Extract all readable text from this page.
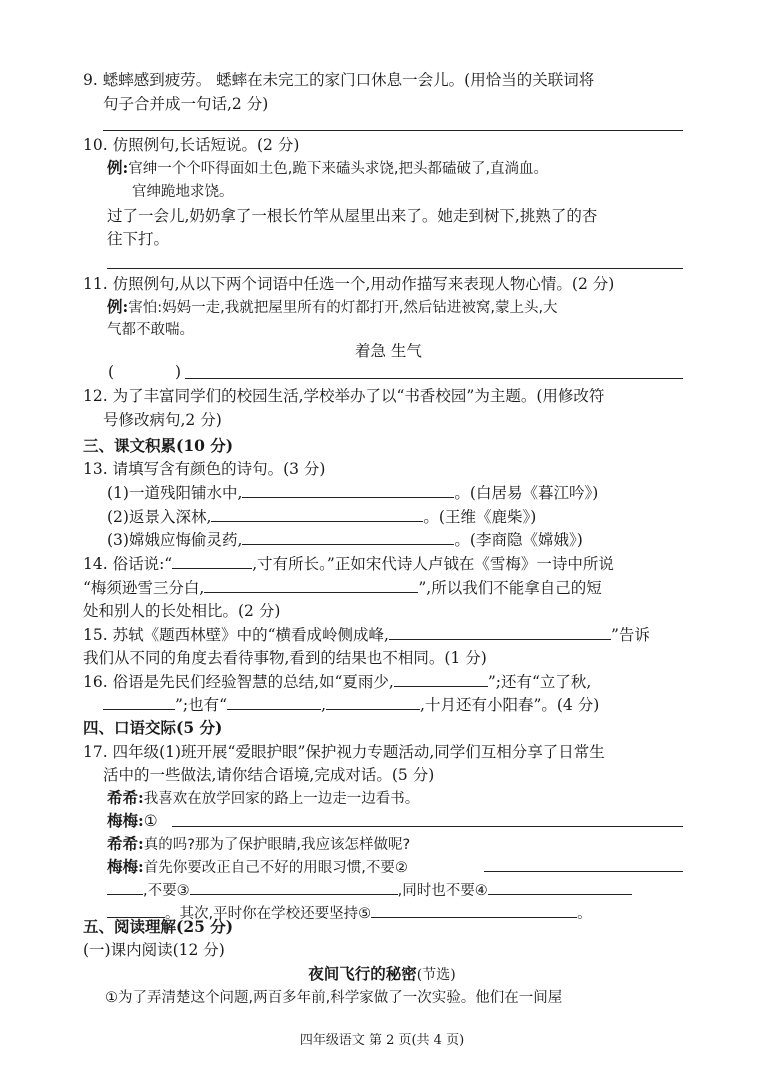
9. 蟋蟀感到疲劳。 蟋蟀在未完工的家门口休息一会儿。(用恰当的关联词将
句子合并成一句话,2 分)
10. 仿照例句,长话短说。(2 分)
例:官绅一个个吓得面如土色,跪下来磕头求饶,把头都磕破了,直淌血。
官绅跪地求饶。
过了一会儿,奶奶拿了一根长竹竿从屋里出来了。她走到树下,挑熟了的杏
往下打。
11. 仿照例句,从以下两个词语中任选一个,用动作描写来表现人物心情。(2 分)
例:害怕:妈妈一走,我就把屋里所有的灯都打开,然后钻进被窝,蒙上头,大
气都不敢喘。
着急 生气
(	)
12. 为了丰富同学们的校园生活,学校举办了以“书香校园”为主题。(用修改符
号修改病句,2 分)
三、课文积累(10 分)
13. 请填写含有颜色的诗句。(3 分)
(1)一道残阳铺水中,	。(白居易《暮江吟》)
(2)返景入深林,	。(王维《鹿柴》)
(3)嫦娥应悔偷灵药,	。(李商隐《嫦娥》)
14. 俗话说:“	,寸有所长。”正如宋代诗人卢钺在《雪梅》一诗中所说
“梅须逊雪三分白,	”,所以我们不能拿自己的短
处和别人的长处相比。(2 分)
15. 苏轼《题西林壁》中的“横看成岭侧成峰,	”告诉
我们从不同的角度去看待事物,看到的结果也不相同。(1 分)
16. 俗语是先民们经验智慧的总结,如“夏雨少,	”;还有“立了秋,
”;也有“	,	,十月还有小阳春”。(4 分)
四、口语交际(5 分)
17. 四年级(1)班开展“爱眼护眼”保护视力专题活动,同学们互相分享了日常生
活中的一些做法,请你结合语境,完成对话。(5 分)
希希:我喜欢在放学回家的路上一边走一边看书。
梅梅:①
希希:真的吗?那为了保护眼睛,我应该怎样做呢?
梅梅:首先你要改正自己不好的用眼习惯,不要②
,不要③	,同时也不要④
。其次,平时你在学校还要坚持⑤	。
五、阅读理解(25 分)
(一)课内阅读(12 分)
夜间飞行的秘密(节选)
①为了弄清楚这个问题,两百多年前,科学家做了一次实验。他们在一间屋
四年级语文 第 2 页(共 4 页)
